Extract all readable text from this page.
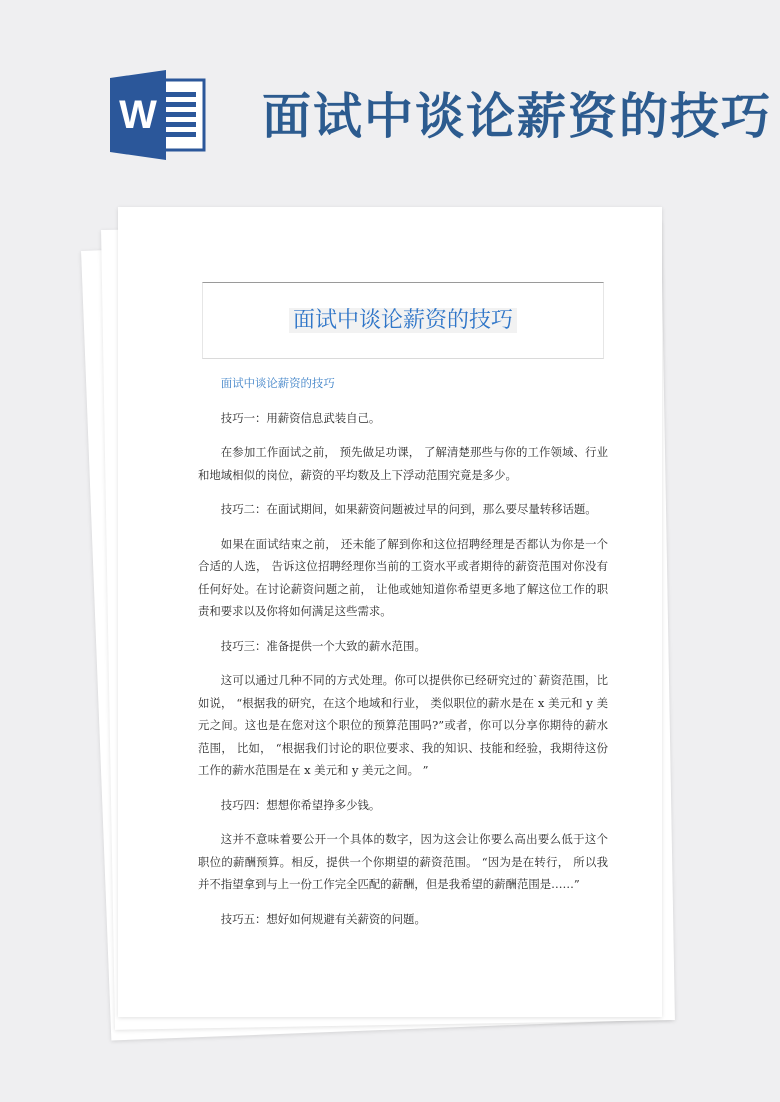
W 面试中谈论薪资的技巧
面试中谈论薪资的技巧

面试中谈论薪资的技巧

技巧一：用薪资信息武装自己。

在参加工作面试之前， 预先做足功课， 了解清楚那些与你的工作领域、行业和地域相似的岗位，薪资的平均数及上下浮动范围究竟是多少。

技巧二：在面试期间，如果薪资问题被过早的问到，那么要尽量转移话题。

如果在面试结束之前， 还未能了解到你和这位招聘经理是否都认为你是一个合适的人选， 告诉这位招聘经理你当前的工资水平或者期待的薪资范围对你没有任何好处。在讨论薪资问题之前， 让他或她知道你希望更多地了解这位工作的职责和要求以及你将如何满足这些需求。

技巧三：准备提供一个大致的薪水范围。

这可以通过几种不同的方式处理。你可以提供你已经研究过的`薪资范围，比如说， “根据我的研究，在这个地域和行业， 类似职位的薪水是在 x 美元和 y 美元之间。这也是在您对这个职位的预算范围吗?”或者，你可以分享你期待的薪水范围， 比如， “根据我们讨论的职位要求、我的知识、技能和经验，我期待这份工作的薪水范围是在 x 美元和 y 美元之间。 ”

技巧四：想想你希望挣多少钱。

这并不意味着要公开一个具体的数字，因为这会让你要么高出要么低于这个职位的薪酬预算。相反，提供一个你期望的薪资范围。 “因为是在转行， 所以我并不指望拿到与上一份工作完全匹配的薪酬，但是我希望的薪酬范围是……”

技巧五：想好如何规避有关薪资的问题。
